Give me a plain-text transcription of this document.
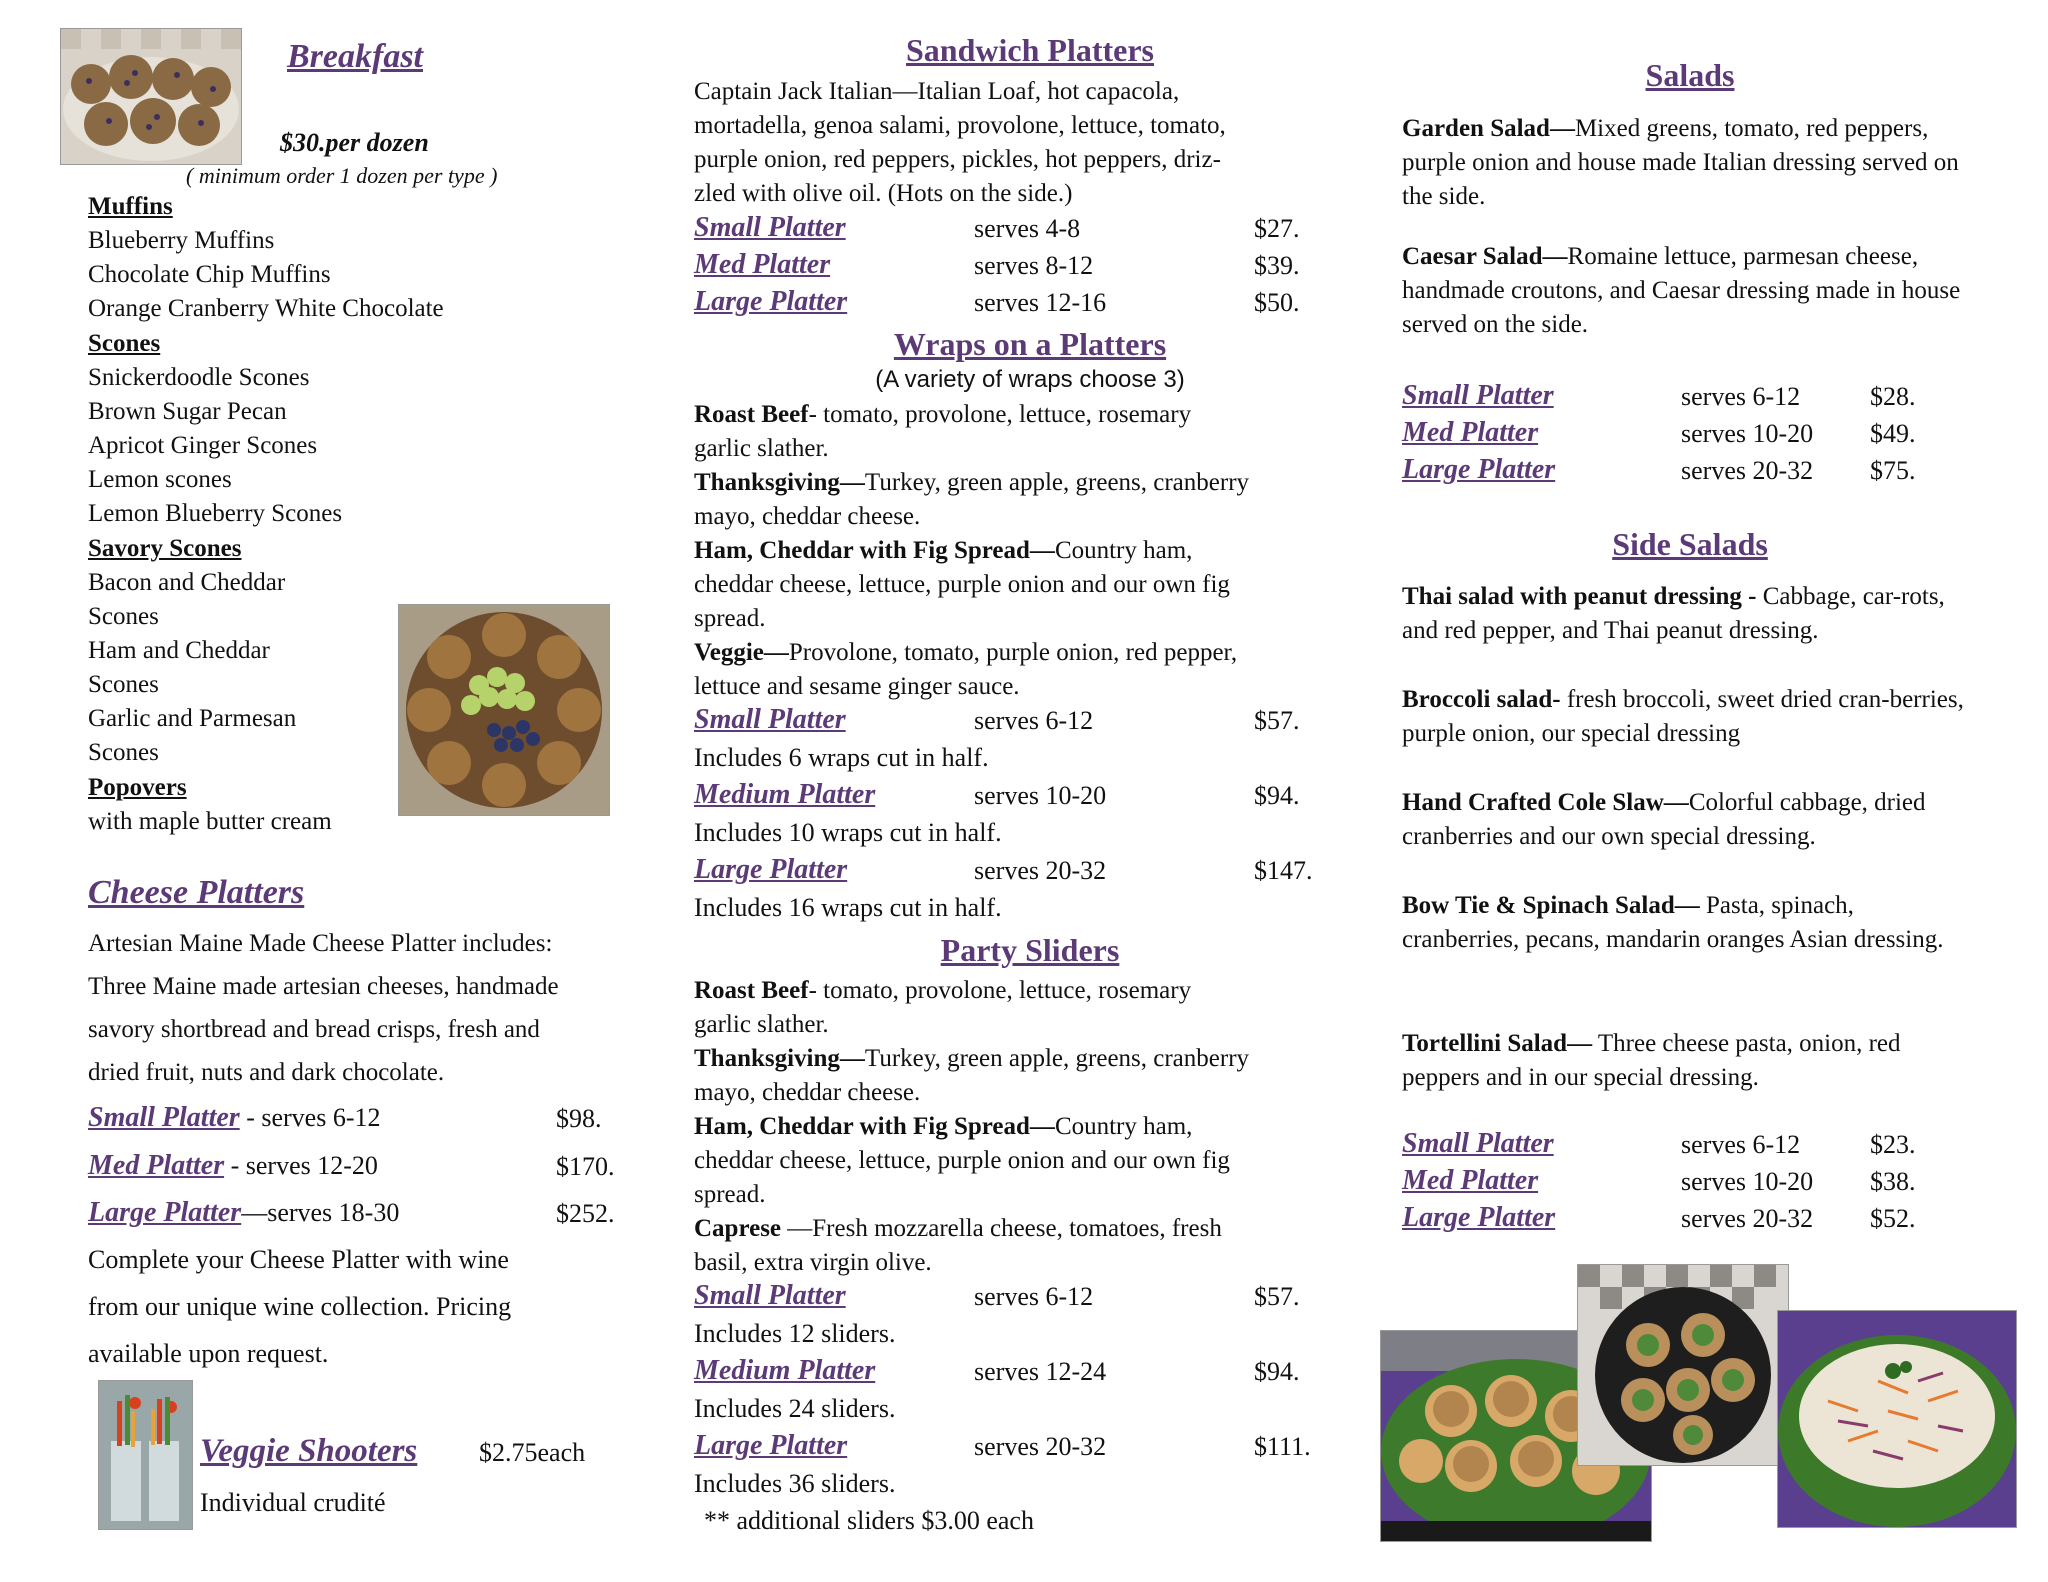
Breakfast
$30.per dozen
( minimum order 1 dozen per type )
Muffins
Blueberry Muffins
Chocolate Chip Muffins
Orange Cranberry White Chocolate
Scones
Snickerdoodle Scones
Brown Sugar Pecan
Apricot Ginger Scones
Lemon scones
Lemon Blueberry Scones
Savory Scones
Bacon and Cheddar
Scones
Ham and Cheddar
Scones
Garlic and Parmesan
Scones
Popovers
with maple butter cream
Cheese Platters
Artesian Maine Made Cheese Platter includes:
Three Maine made artesian cheeses, handmade
savory shortbread and bread crisps, fresh and
dried fruit, nuts and dark chocolate.
Small Platter - serves 6-12	$98.
Med Platter - serves 12-20	$170.
Large Platter—serves 18-30	$252.
Complete your Cheese Platter with wine
from our unique wine collection. Pricing
available upon request.
Veggie Shooters $2.75each
Individual crudité
Sandwich Platters
Captain Jack Italian—Italian Loaf, hot capacola,
mortadella, genoa salami, provolone, lettuce, tomato,
purple onion, red peppers, pickles, hot peppers, driz-
zled with olive oil. (Hots on the side.)
Small Platter	serves 4-8	$27.
Med Platter	serves 8-12	$39.
Large Platter	serves 12-16	$50.
Wraps on a Platters
(A variety of wraps choose 3)
Roast Beef- tomato, provolone, lettuce, rosemary
garlic slather.
Thanksgiving—Turkey, green apple, greens, cranberry
mayo, cheddar cheese.
Ham, Cheddar with Fig Spread—Country ham,
cheddar cheese, lettuce, purple onion and our own fig
spread.
Veggie—Provolone, tomato, purple onion, red pepper,
lettuce and sesame ginger sauce.
Small Platter	serves 6-12	$57.
Includes 6 wraps cut in half.
Medium Platter	serves 10-20	$94.
Includes 10 wraps cut in half.
Large Platter	serves 20-32	$147.
Includes 16 wraps cut in half.
Party Sliders
Roast Beef- tomato, provolone, lettuce, rosemary
garlic slather.
Thanksgiving—Turkey, green apple, greens, cranberry
mayo, cheddar cheese.
Ham, Cheddar with Fig Spread—Country ham,
cheddar cheese, lettuce, purple onion and our own fig
spread.
Caprese —Fresh mozzarella cheese, tomatoes, fresh
basil, extra virgin olive.
Small Platter	serves 6-12	$57.
Includes 12 sliders.
Medium Platter	serves 12-24	$94.
Includes 24 sliders.
Large Platter	serves 20-32	$111.
Includes 36 sliders.
** additional sliders $3.00 each
Salads
Garden Salad—Mixed greens, tomato, red peppers, purple onion and house made Italian dressing served on the side.
Caesar Salad—Romaine lettuce, parmesan cheese, handmade croutons, and Caesar dressing made in house served on the side.
Small Platter	serves 6-12	$28.
Med Platter	serves 10-20 $49.
Large Platter	serves 20-32 $75.
Side Salads
Thai salad with peanut dressing - Cabbage, car-rots, and red pepper, and Thai peanut dressing.
Broccoli salad- fresh broccoli, sweet dried cran-berries, purple onion, our special dressing
Hand Crafted Cole Slaw—Colorful cabbage, dried cranberries and our own special dressing.
Bow Tie & Spinach Salad— Pasta, spinach, cranberries, pecans, mandarin oranges Asian dressing.
Tortellini Salad— Three cheese pasta, onion, red peppers and in our special dressing.
Small Platter	serves 6-12	$23.
Med Platter	serves 10-20 $38.
Large Platter	serves 20-32 $52.
